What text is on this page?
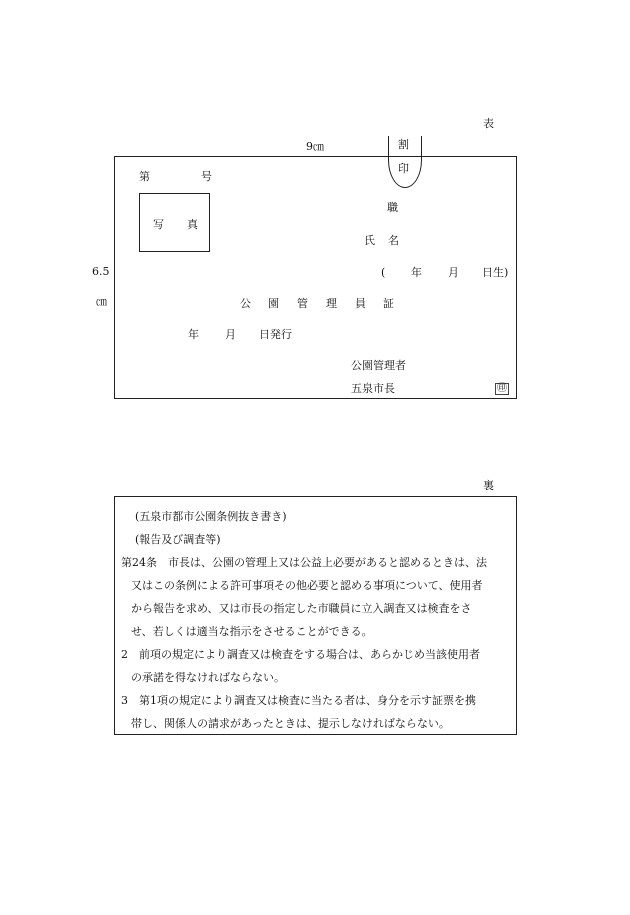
表
9㎝	割
印
6.5
㎝
第	号
写 真
職
氏 名
( 年 月 日生)
公 園 管 理 員 証
年 月 日発行
公園管理者
五泉市長	㊞
裏
(五泉市都市公園条例抜き書き)
(報告及び調査等)
第24条　市長は、公園の管理上又は公益上必要があると認めるときは、法
又はこの条例による許可事項その他必要と認める事項について、使用者
から報告を求め、又は市長の指定した市職員に立入調査又は検査をさ
せ、若しくは適当な指示をさせることができる。
2　前項の規定により調査又は検査をする場合は、あらかじめ当該使用者
の承諾を得なければならない。
3　第1項の規定により調査又は検査に当たる者は、身分を示す証票を携
帯し、関係人の請求があったときは、提示しなければならない。
